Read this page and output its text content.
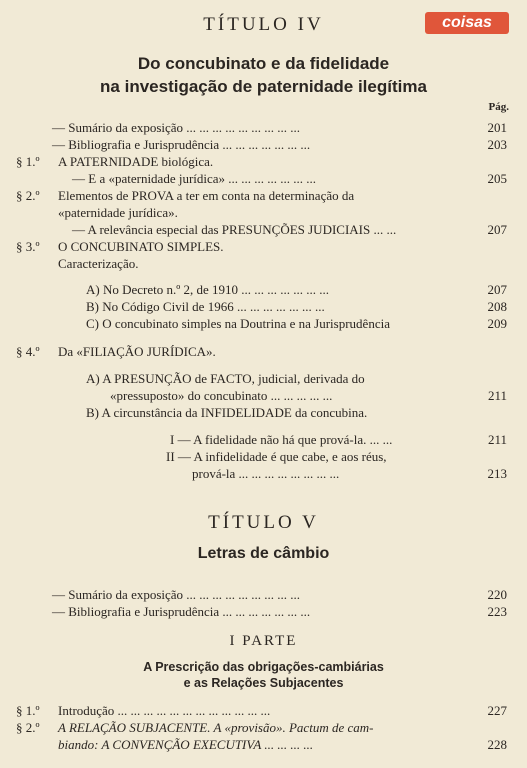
coisas
TÍTULO IV
Do concubinato e da fidelidade
na investigação de paternidade ilegítima
Pág.
— Sumário da exposição ... ... ... ... ... ... ... ... ...	201
— Bibliografia e Jurisprudência ... ... ... ... ... ... ...	203
§ 1.º A PATERNIDADE biológica.
— E a «paternidade jurídica» ... ... ... ... ... ... ...	205
§ 2.º Elementos de PROVA a ter em conta na determinação da
«paternidade jurídica».
— A relevância especial das PRESUNÇÕES JUDICIAIS ... ...	207
§ 3.º O CONCUBINATO SIMPLES.
Caracterização.
A) No Decreto n.º 2, de 1910 ... ... ... ... ... ... ...	207
B) No Código Civil de 1966 ... ... ... ... ... ... ...	208
C) O concubinato simples na Doutrina e na Jurisprudência	209
§ 4.º Da «FILIAÇÃO JURÍDICA».
A) A PRESUNÇÃO de FACTO, judicial, derivada do
«pressuposto» do concubinato ... ... ... ... ...	211
B) A circunstância da INFIDELIDADE da concubina.
I — A fidelidade não há que prová-la. ... ...	211
II — A infidelidade é que cabe, e aos réus,
prová-la ... ... ... ... ... ... ... ...	213
— Sumário da exposição ... ... ... ... ... ... ... ... ...	220
— Bibliografia e Jurisprudência ... ... ... ... ... ... ...	223
§ 1.º Introdução ... ... ... ... ... ... ... ... ... ... ... ...	227
§ 2.º A RELAÇÃO SUBJACENTE. A «provisão». Pactum de cam-
biando: A CONVENÇÃO EXECUTIVA ... ... ... ...	228
TÍTULO V
Letras de câmbio
I PARTE
A Prescrição das obrigações-cambiárias
e as Relações Subjacentes
